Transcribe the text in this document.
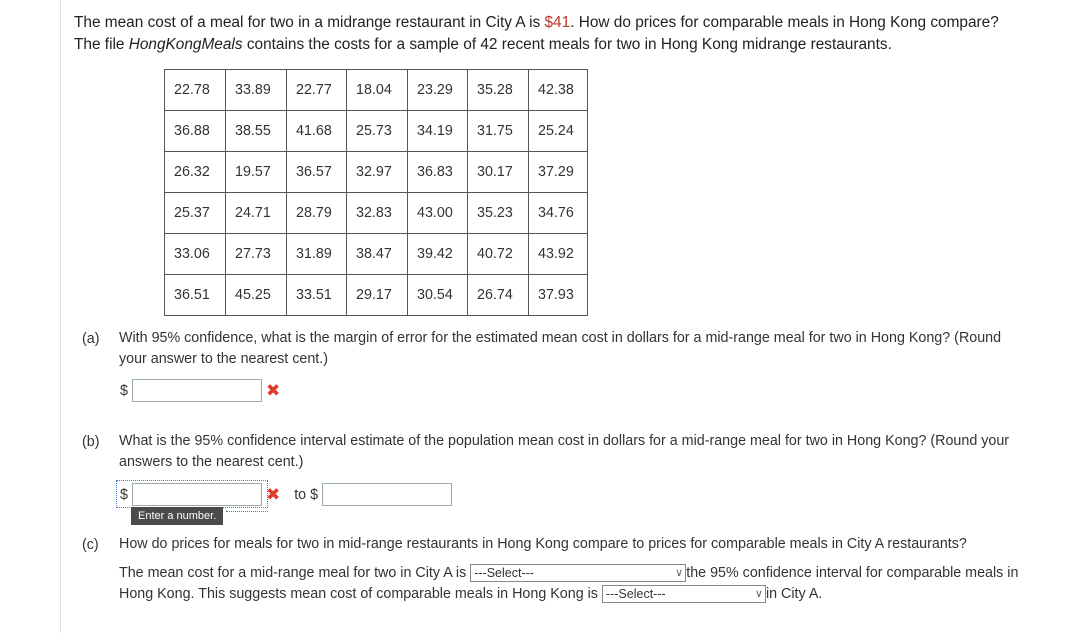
The mean cost of a meal for two in a midrange restaurant in City A is $41. How do prices for comparable meals in Hong Kong compare?
The file HongKongMeals contains the costs for a sample of 42 recent meals for two in Hong Kong midrange restaurants.
22.78	33.89	22.77	18.04	23.29	35.28	42.38
36.88	38.55	41.68	25.73	34.19	31.75	25.24
26.32	19.57	36.57	32.97	36.83	30.17	37.29
25.37	24.71	28.79	32.83	43.00	35.23	34.76
33.06	27.73	31.89	38.47	39.42	40.72	43.92
36.51	45.25	33.51	29.17	30.54	26.74	37.93
(a) With 95% confidence, what is the margin of error for the estimated mean cost in dollars for a mid-range meal for two in Hong Kong? (Round
your answer to the nearest cent.)
$	✖
(b) What is the 95% confidence interval estimate of the population mean cost in dollars for a mid-range meal for two in Hong Kong? (Round your
answers to the nearest cent.)
$	✖ to $
Enter a number.
(c) How do prices for meals for two in mid-range restaurants in Hong Kong compare to prices for comparable meals in City A restaurants?
The mean cost for a mid-range meal for two in City A is ---Select---	∨ the 95% confidence interval for comparable meals in
Hong Kong. This suggests mean cost of comparable meals in Hong Kong is ---Select---	∨ in City A.
